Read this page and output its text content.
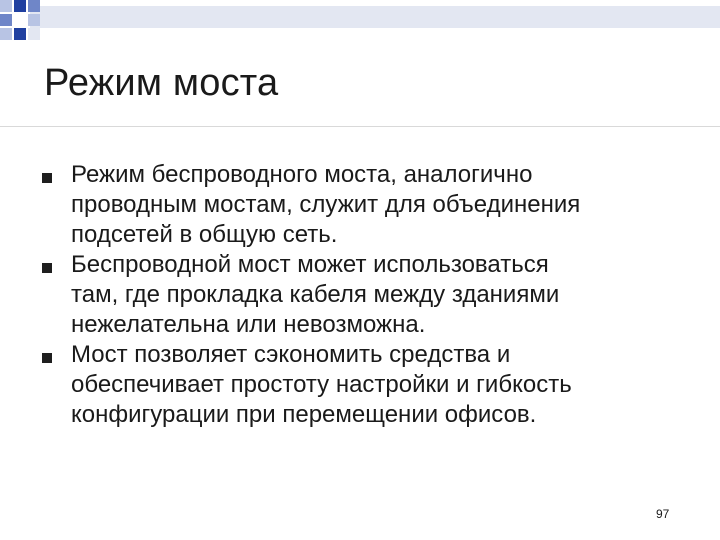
Режим моста
Режим беспроводного моста, аналогично
проводным мостам, служит для объединения
подсетей в общую сеть.
Беспроводной мост может использоваться
там, где прокладка кабеля между зданиями
нежелательна или невозможна.
Мост позволяет сэкономить средства и
обеспечивает простоту настройки и гибкость
конфигурации при перемещении офисов.
97
